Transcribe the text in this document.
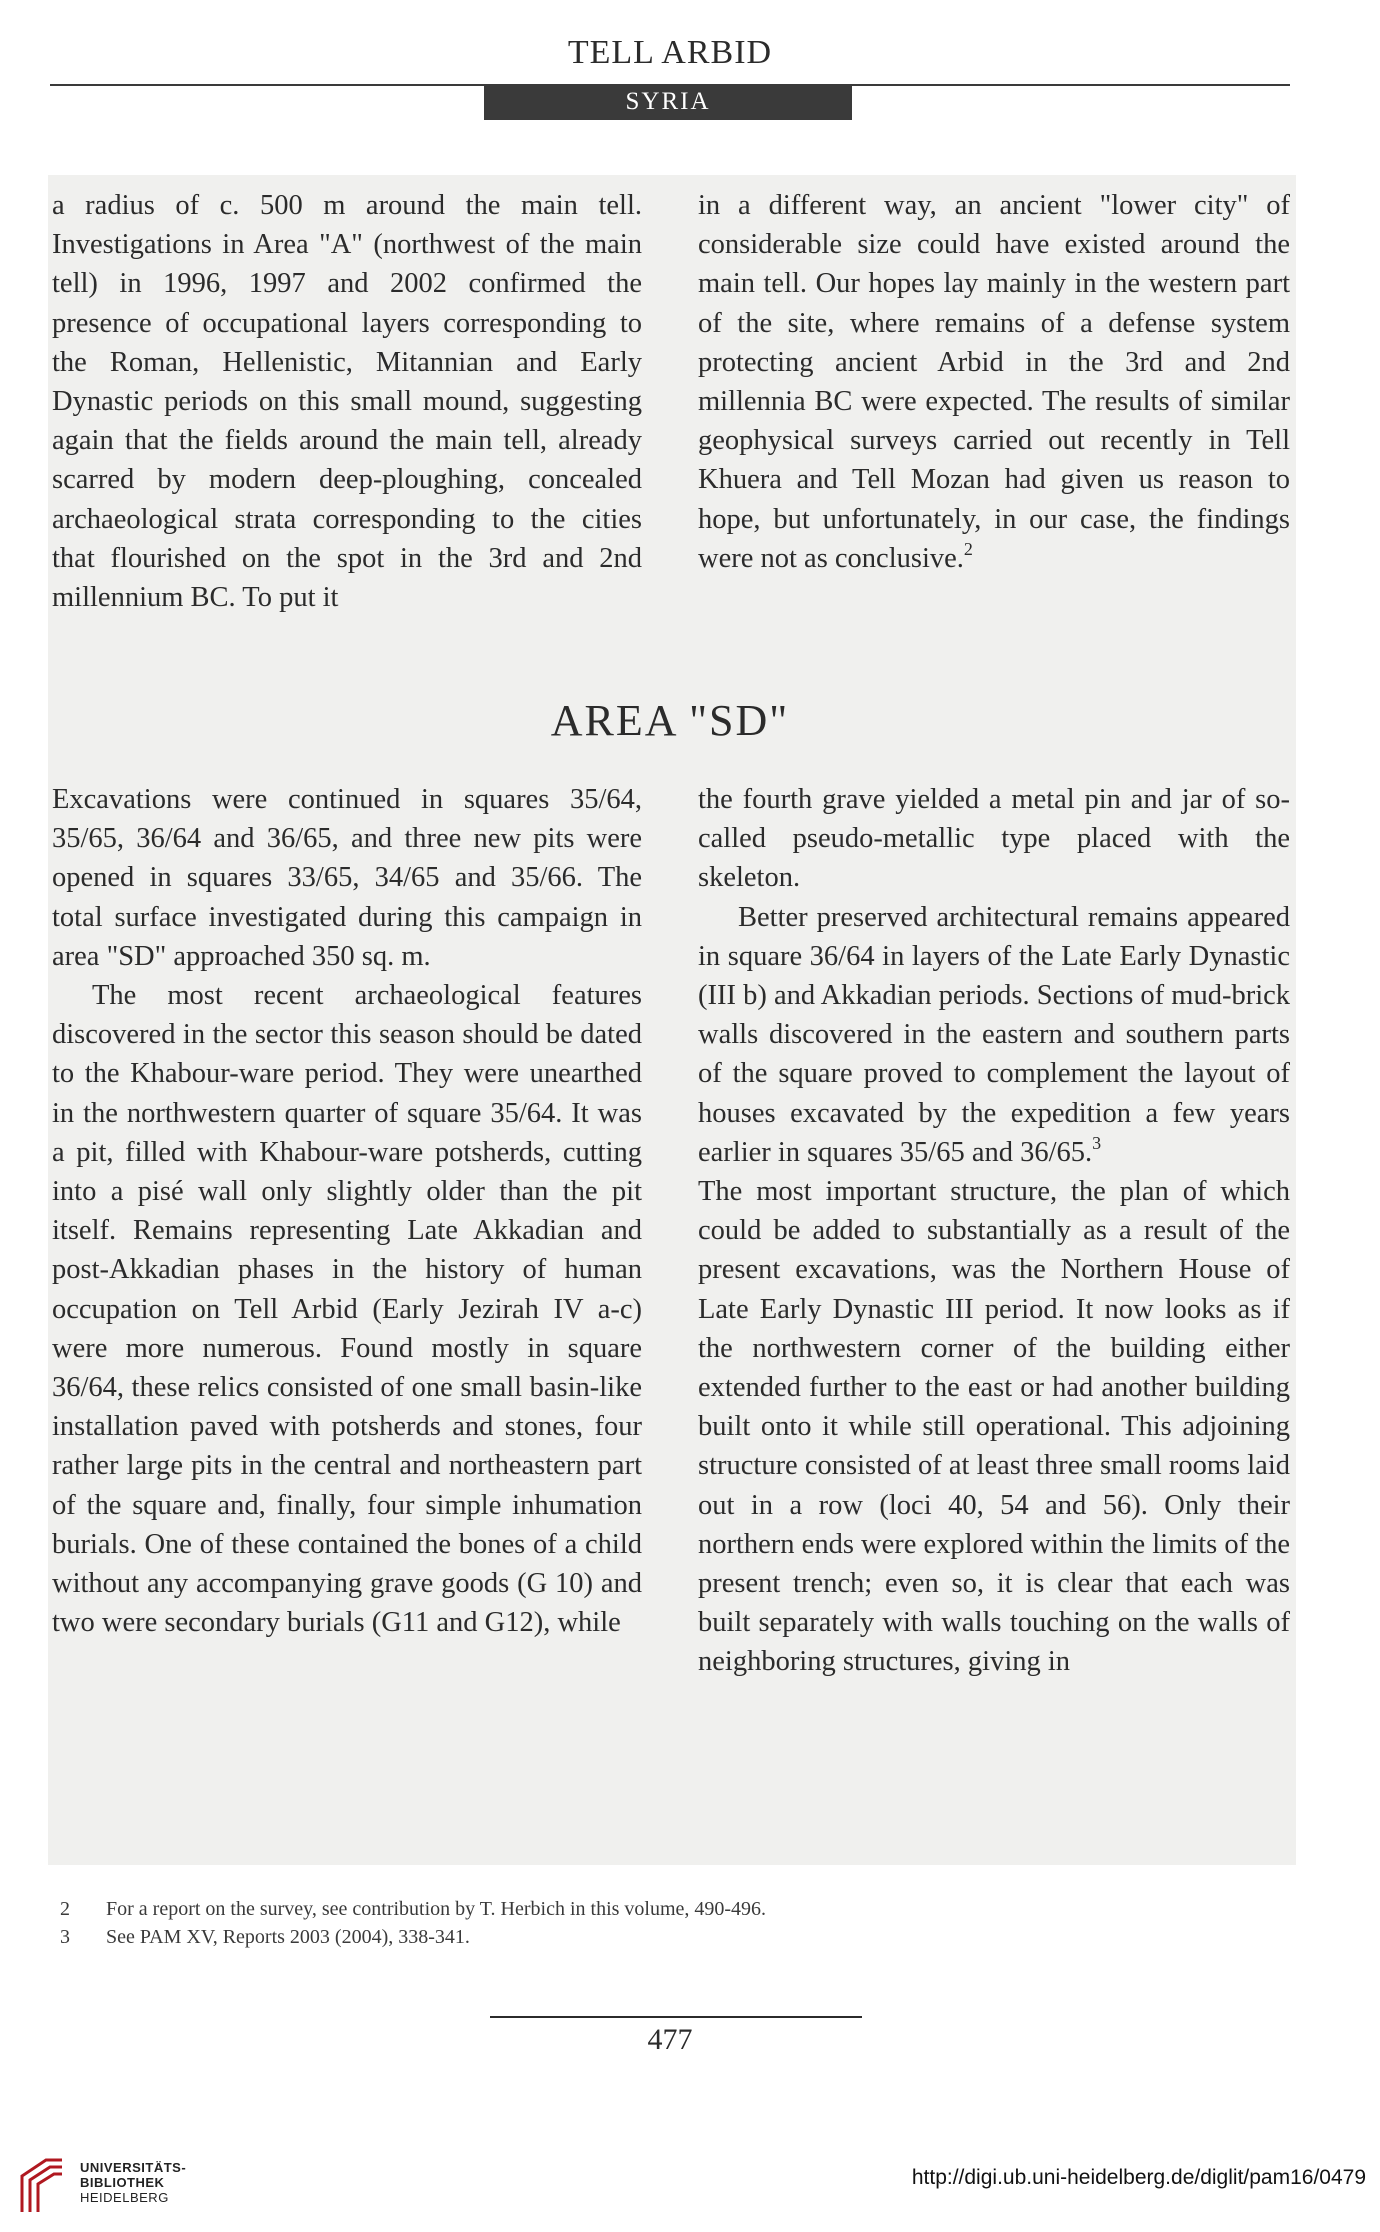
TELL ARBID
SYRIA

a radius of c. 500 m around the main tell. Investigations in Area "A" (northwest of the main tell) in 1996, 1997 and 2002 confirmed the presence of occupational layers corresponding to the Roman, Hellenistic, Mitannian and Early Dynastic periods on this small mound, suggesting again that the fields around the main tell, already scarred by modern deep-ploughing, concealed archaeological strata corresponding to the cities that flourished on the spot in the 3rd and 2nd millennium BC. To put it

in a different way, an ancient "lower city" of considerable size could have existed around the main tell. Our hopes lay mainly in the western part of the site, where remains of a defense system protecting ancient Arbid in the 3rd and 2nd millennia BC were expected. The results of similar geophysical surveys carried out recently in Tell Khuera and Tell Mozan had given us reason to hope, but unfortunately, in our case, the findings were not as conclusive.$^2$

AREA "SD"

Excavations were continued in squares 35/64, 35/65, 36/64 and 36/65, and three new pits were opened in squares 33/65, 34/65 and 35/66. The total surface investigated during this campaign in area "SD" approached 350 sq. m.

The most recent archaeological features discovered in the sector this season should be dated to the Khabour-ware period. They were unearthed in the northwestern quarter of square 35/64. It was a pit, filled with Khabour-ware potsherds, cutting into a pisé wall only slightly older than the pit itself. Remains representing Late Akkadian and post-Akkadian phases in the history of human occupation on Tell Arbid (Early Jezirah IV a-c) were more numerous. Found mostly in square 36/64, these relics consisted of one small basin-like installation paved with potsherds and stones, four rather large pits in the central and northeastern part of the square and, finally, four simple inhumation burials. One of these contained the bones of a child without any accompanying grave goods (G 10) and two were secondary burials (G11 and G12), while

the fourth grave yielded a metal pin and jar of so-called pseudo-metallic type placed with the skeleton.

Better preserved architectural remains appeared in square 36/64 in layers of the Late Early Dynastic (III b) and Akkadian periods. Sections of mud-brick walls discovered in the eastern and southern parts of the square proved to complement the layout of houses excavated by the expedition a few years earlier in squares 35/65 and 36/65.$^3$

The most important structure, the plan of which could be added to substantially as a result of the present excavations, was the Northern House of Late Early Dynastic III period. It now looks as if the northwestern corner of the building either extended further to the east or had another building built onto it while still operational. This adjoining structure consisted of at least three small rooms laid out in a row (loci 40, 54 and 56). Only their northern ends were explored within the limits of the present trench; even so, it is clear that each was built separately with walls touching on the walls of neighboring structures, giving in

2	For a report on the survey, see contribution by T. Herbich in this volume, 490-496.
3	See PAM XV, Reports 2003 (2004), 338-341.
477
UNIVERSITÄTS-
BIBLIOTHEK
HEIDELBERG
http://digi.ub.uni-heidelberg.de/diglit/pam16/0479
